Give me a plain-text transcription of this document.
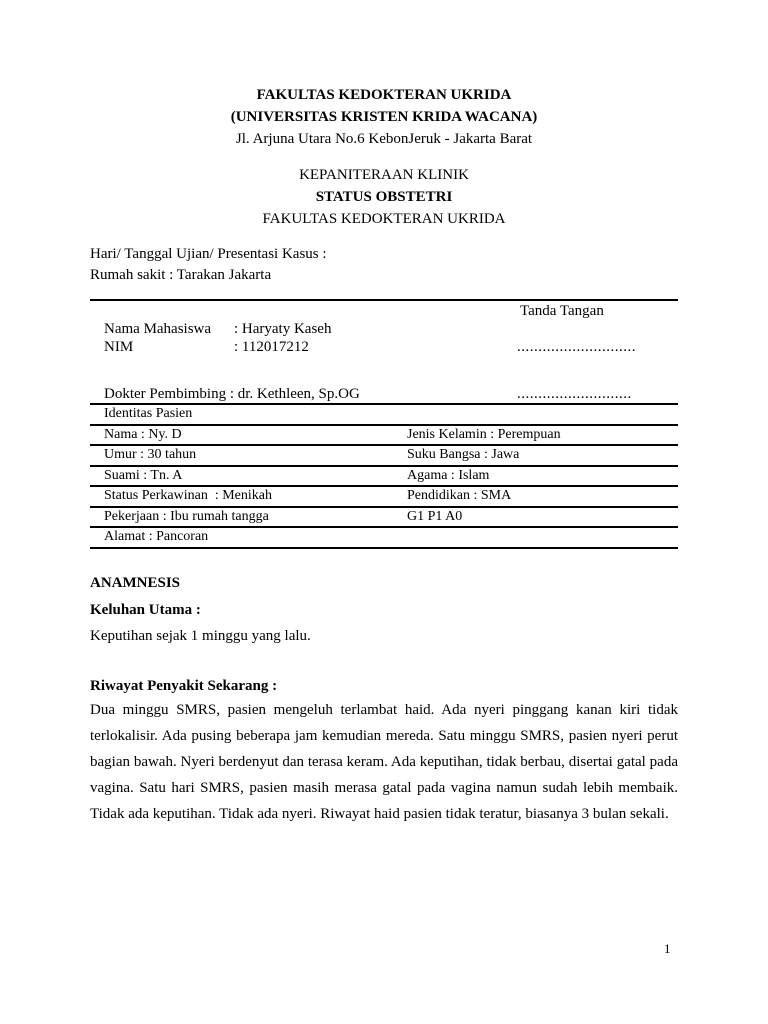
FAKULTAS KEDOKTERAN UKRIDA
(UNIVERSITAS KRISTEN KRIDA WACANA)
Jl. Arjuna Utara No.6 KebonJeruk - Jakarta Barat
KEPANITERAAN KLINIK
STATUS OBSTETRI
FAKULTAS KEDOKTERAN UKRIDA
Hari/ Tanggal Ujian/ Presentasi Kasus :
Rumah sakit : Tarakan Jakarta
Tanda Tangan
Nama Mahasiswa	: Haryaty Kaseh
NIM	: 112017212	............................
Dokter Pembimbing : dr. Kethleen, Sp.OG	...........................
Identitas Pasien
Nama : Ny. D	Jenis Kelamin : Perempuan
Umur : 30 tahun	Suku Bangsa : Jawa
Suami : Tn. A	Agama : Islam
Status Perkawinan  : Menikah	Pendidikan : SMA
Pekerjaan : Ibu rumah tangga	G1 P1 A0
Alamat : Pancoran
ANAMNESIS
Keluhan Utama :
Keputihan sejak 1 minggu yang lalu.
Riwayat Penyakit Sekarang :
Dua minggu SMRS, pasien mengeluh terlambat haid. Ada nyeri pinggang kanan kiri tidak terlokalisir. Ada pusing beberapa jam kemudian mereda. Satu minggu SMRS, pasien nyeri perut bagian bawah. Nyeri berdenyut dan terasa keram. Ada keputihan, tidak berbau, disertai gatal pada vagina. Satu hari SMRS, pasien masih merasa gatal pada vagina namun sudah lebih membaik. Tidak ada keputihan. Tidak ada nyeri. Riwayat haid pasien tidak teratur, biasanya 3 bulan sekali.
1
